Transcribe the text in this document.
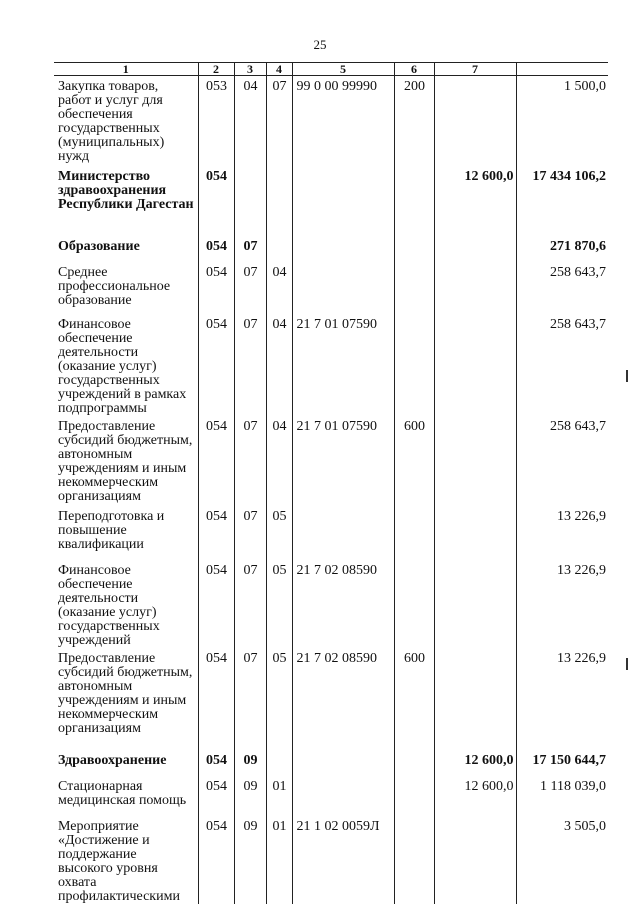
25
1	2	3	4	5	6	7	
Закупка товаров, работ и услуг для обеспечения государственных (муниципальных) нужд	053	04	07	99 0 00 99990	200		1 500,0
Министерство здравоохранения Республики Дагестан	054					12 600,0	17 434 106,2
Образование	054	07					271 870,6
Среднее профессиональное образование	054	07	04				258 643,7
Финансовое обеспечение деятельности (оказание услуг) государственных учреждений в рамках подпрограммы	054	07	04	21 7 01 07590			258 643,7
Предоставление субсидий бюджетным, автономным учреждениям и иным некоммерческим организациям	054	07	04	21 7 01 07590	600		258 643,7
Переподготовка и повышение квалификации	054	07	05				13 226,9
Финансовое обеспечение деятельности (оказание услуг) государственных учреждений	054	07	05	21 7 02 08590			13 226,9
Предоставление субсидий бюджетным, автономным учреждениям и иным некоммерческим организациям	054	07	05	21 7 02 08590	600		13 226,9
Здравоохранение	054	09				12 600,0	17 150 644,7
Стационарная медицинская помощь	054	09	01			12 600,0	1 118 039,0
Мероприятие «Достижение и поддержание высокого уровня охвата профилактическими	054	09	01	21 1 02 0059Л			3 505,0
